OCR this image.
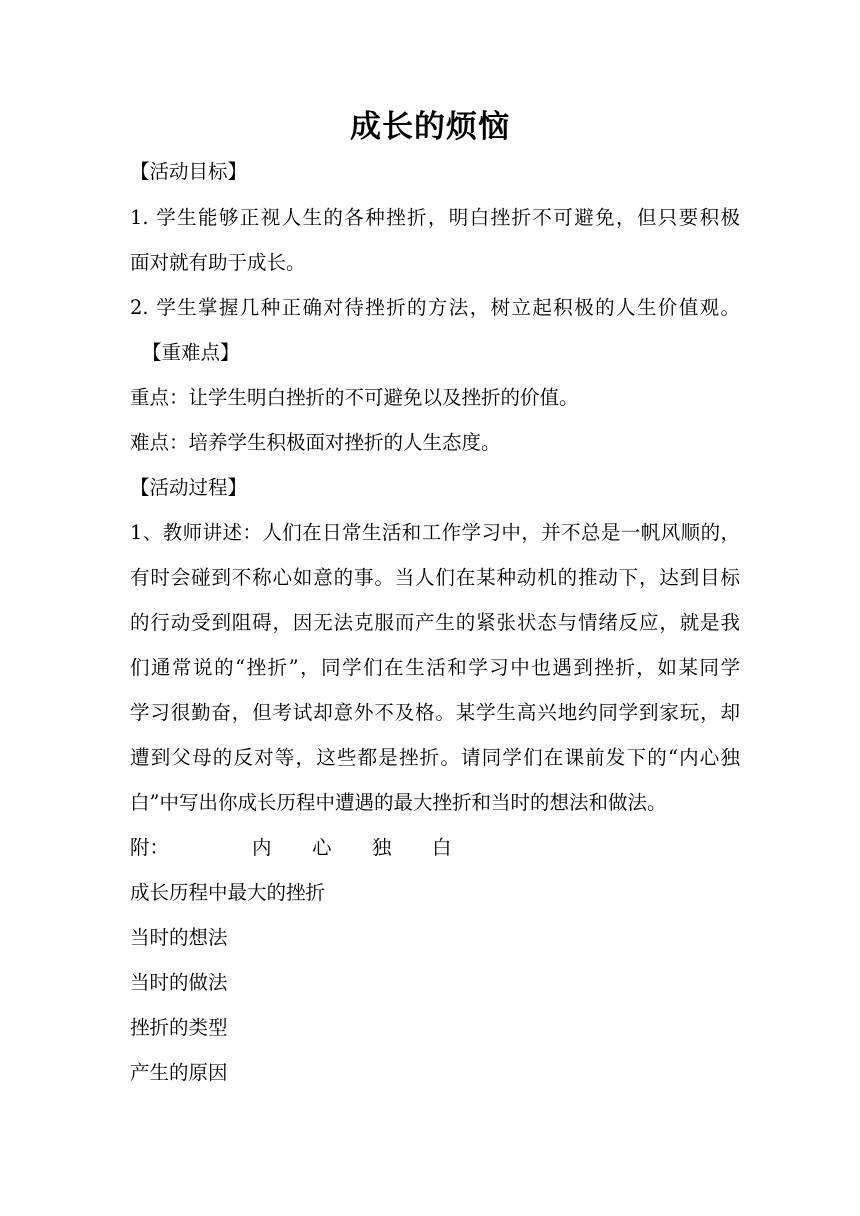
成长的烦恼
【活动目标】
1. 学生能够正视人生的各种挫折，明白挫折不可避免，但只要积极
面对就有助于成长。
2. 学生掌握几种正确对待挫折的方法，树立起积极的人生价值观。
【重难点】
重点：让学生明白挫折的不可避免以及挫折的价值。
难点：培养学生积极面对挫折的人生态度。
【活动过程】
1、教师讲述：人们在日常生活和工作学习中，并不总是一帆风顺的，
有时会碰到不称心如意的事。当人们在某种动机的推动下，达到目标
的行动受到阻碍，因无法克服而产生的紧张状态与情绪反应，就是我
们通常说的“挫折”，同学们在生活和学习中也遇到挫折，如某同学
学习很勤奋，但考试却意外不及格。某学生高兴地约同学到家玩，却
遭到父母的反对等，这些都是挫折。请同学们在课前发下的“内心独
白”中写出你成长历程中遭遇的最大挫折和当时的想法和做法。
附：	内 心 独 白
成长历程中最大的挫折
当时的想法
当时的做法
挫折的类型
产生的原因
